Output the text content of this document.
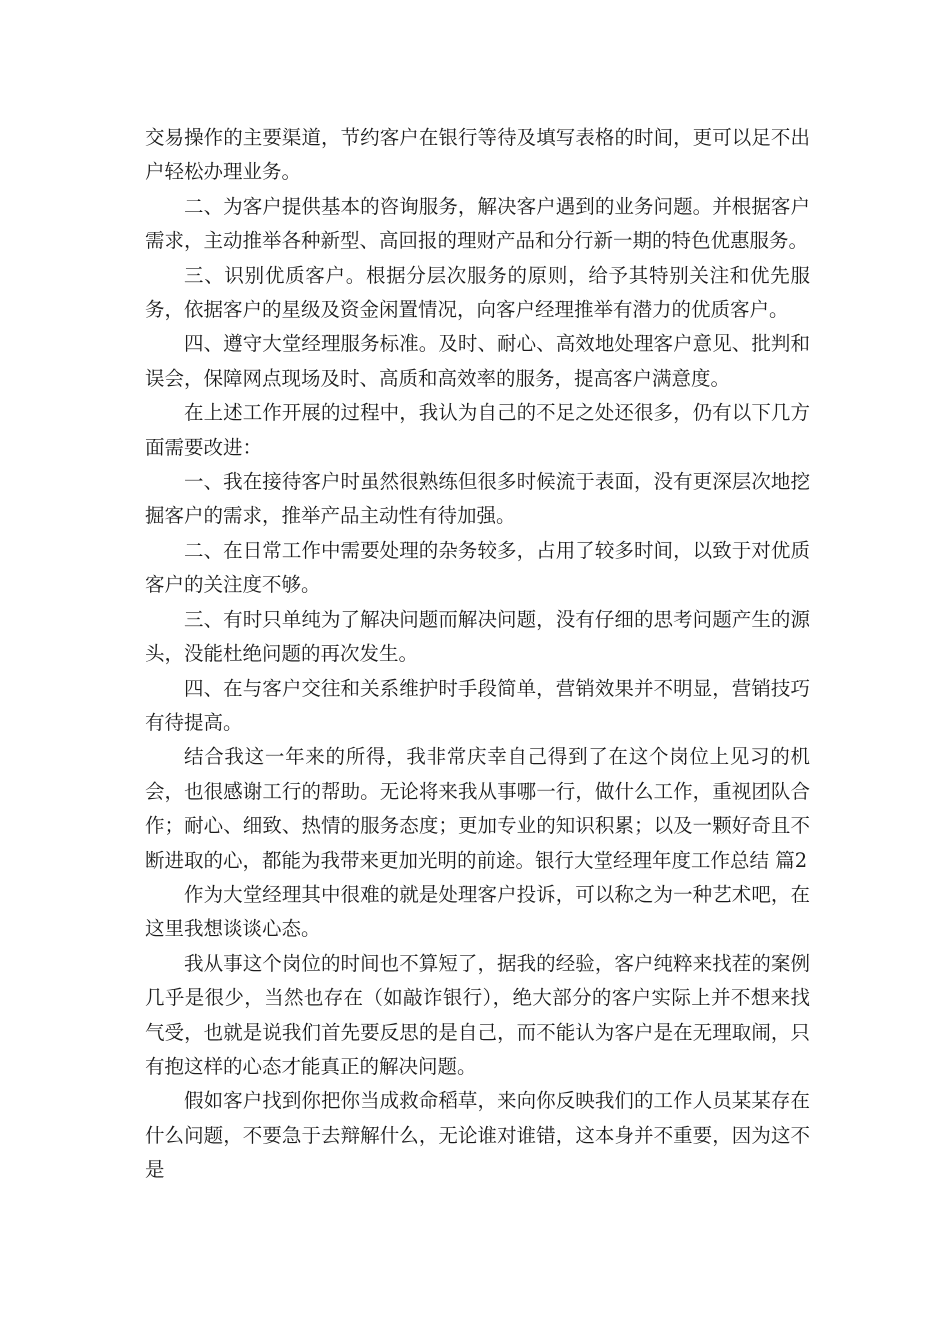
交易操作的主要渠道，节约客户在银行等待及填写表格的时间，更可以足不出户轻松办理业务。

二、为客户提供基本的咨询服务，解决客户遇到的业务问题。并根据客户需求，主动推举各种新型、高回报的理财产品和分行新一期的特色优惠服务。

三、识别优质客户。根据分层次服务的原则，给予其特别关注和优先服务，依据客户的星级及资金闲置情况，向客户经理推举有潜力的优质客户。

四、遵守大堂经理服务标准。及时、耐心、高效地处理客户意见、批判和误会，保障网点现场及时、高质和高效率的服务，提高客户满意度。

在上述工作开展的过程中，我认为自己的不足之处还很多，仍有以下几方面需要改进：

一、我在接待客户时虽然很熟练但很多时候流于表面，没有更深层次地挖掘客户的需求，推举产品主动性有待加强。

二、在日常工作中需要处理的杂务较多，占用了较多时间，以致于对优质客户的关注度不够。

三、有时只单纯为了解决问题而解决问题，没有仔细的思考问题产生的源头，没能杜绝问题的再次发生。

四、在与客户交往和关系维护时手段简单，营销效果并不明显，营销技巧有待提高。

结合我这一年来的所得，我非常庆幸自己得到了在这个岗位上见习的机会，也很感谢工行的帮助。无论将来我从事哪一行，做什么工作，重视团队合作；耐心、细致、热情的服务态度；更加专业的知识积累；以及一颗好奇且不断进取的心，都能为我带来更加光明的前途。银行大堂经理年度工作总结 篇2

作为大堂经理其中很难的就是处理客户投诉，可以称之为一种艺术吧，在这里我想谈谈心态。

我从事这个岗位的时间也不算短了，据我的经验，客户纯粹来找茬的案例几乎是很少，当然也存在（如敲诈银行），绝大部分的客户实际上并不想来找气受，也就是说我们首先要反思的是自己，而不能认为客户是在无理取闹，只有抱这样的心态才能真正的解决问题。

假如客户找到你把你当成救命稻草，来向你反映我们的工作人员某某存在什么问题，不要急于去辩解什么，无论谁对谁错，这本身并不重要，因为这不是
